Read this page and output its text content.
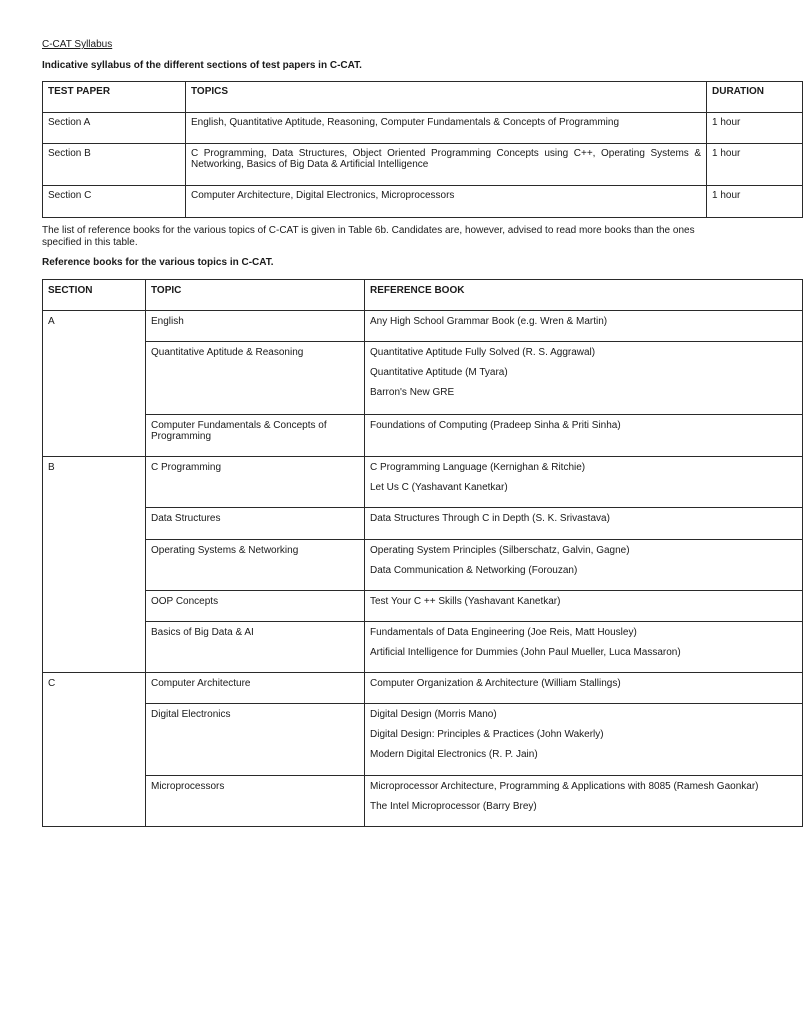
C-CAT Syllabus
Indicative syllabus of the different sections of test papers in C-CAT.
TEST PAPER	TOPICS	DURATION
Section A	English, Quantitative Aptitude, Reasoning, Computer Fundamentals & Concepts of Programming	1 hour
Section B	C Programming, Data Structures, Object Oriented Programming Concepts using C++, Operating Systems & Networking, Basics of Big Data & Artificial Intelligence	1 hour
Section C	Computer Architecture, Digital Electronics, Microprocessors	1 hour
The list of reference books for the various topics of C-CAT is given in Table 6b. Candidates are, however, advised to read more books than the ones specified in this table.
Reference books for the various topics in C-CAT.
SECTION	TOPIC	REFERENCE BOOK
A	English	Any High School Grammar Book (e.g. Wren & Martin)

	Quantitative Aptitude & Reasoning	Quantitative Aptitude Fully Solved (R. S. Aggrawal)
Quantitative Aptitude (M Tyara)
Barron's New GRE

	Computer Fundamentals & Concepts of Programming	Foundations of Computing (Pradeep Sinha & Priti Sinha)

B	C Programming	C Programming Language (Kernighan & Ritchie)
Let Us C (Yashavant Kanetkar)

	Data Structures	Data Structures Through C in Depth (S. K. Srivastava)

	Operating Systems & Networking	Operating System Principles (Silberschatz, Galvin, Gagne)
Data Communication & Networking (Forouzan)

	OOP Concepts	Test Your C ++ Skills (Yashavant Kanetkar)

	Basics of Big Data & AI	Fundamentals of Data Engineering (Joe Reis, Matt Housley)
Artificial Intelligence for Dummies (John Paul Mueller, Luca Massaron)

C	Computer Architecture	Computer Organization & Architecture (William Stallings)

	Digital Electronics	Digital Design (Morris Mano)
Digital Design: Principles & Practices (John Wakerly)
Modern Digital Electronics (R. P. Jain)

	Microprocessors	Microprocessor Architecture, Programming & Applications with 8085 (Ramesh Gaonkar)
The Intel Microprocessor (Barry Brey)
